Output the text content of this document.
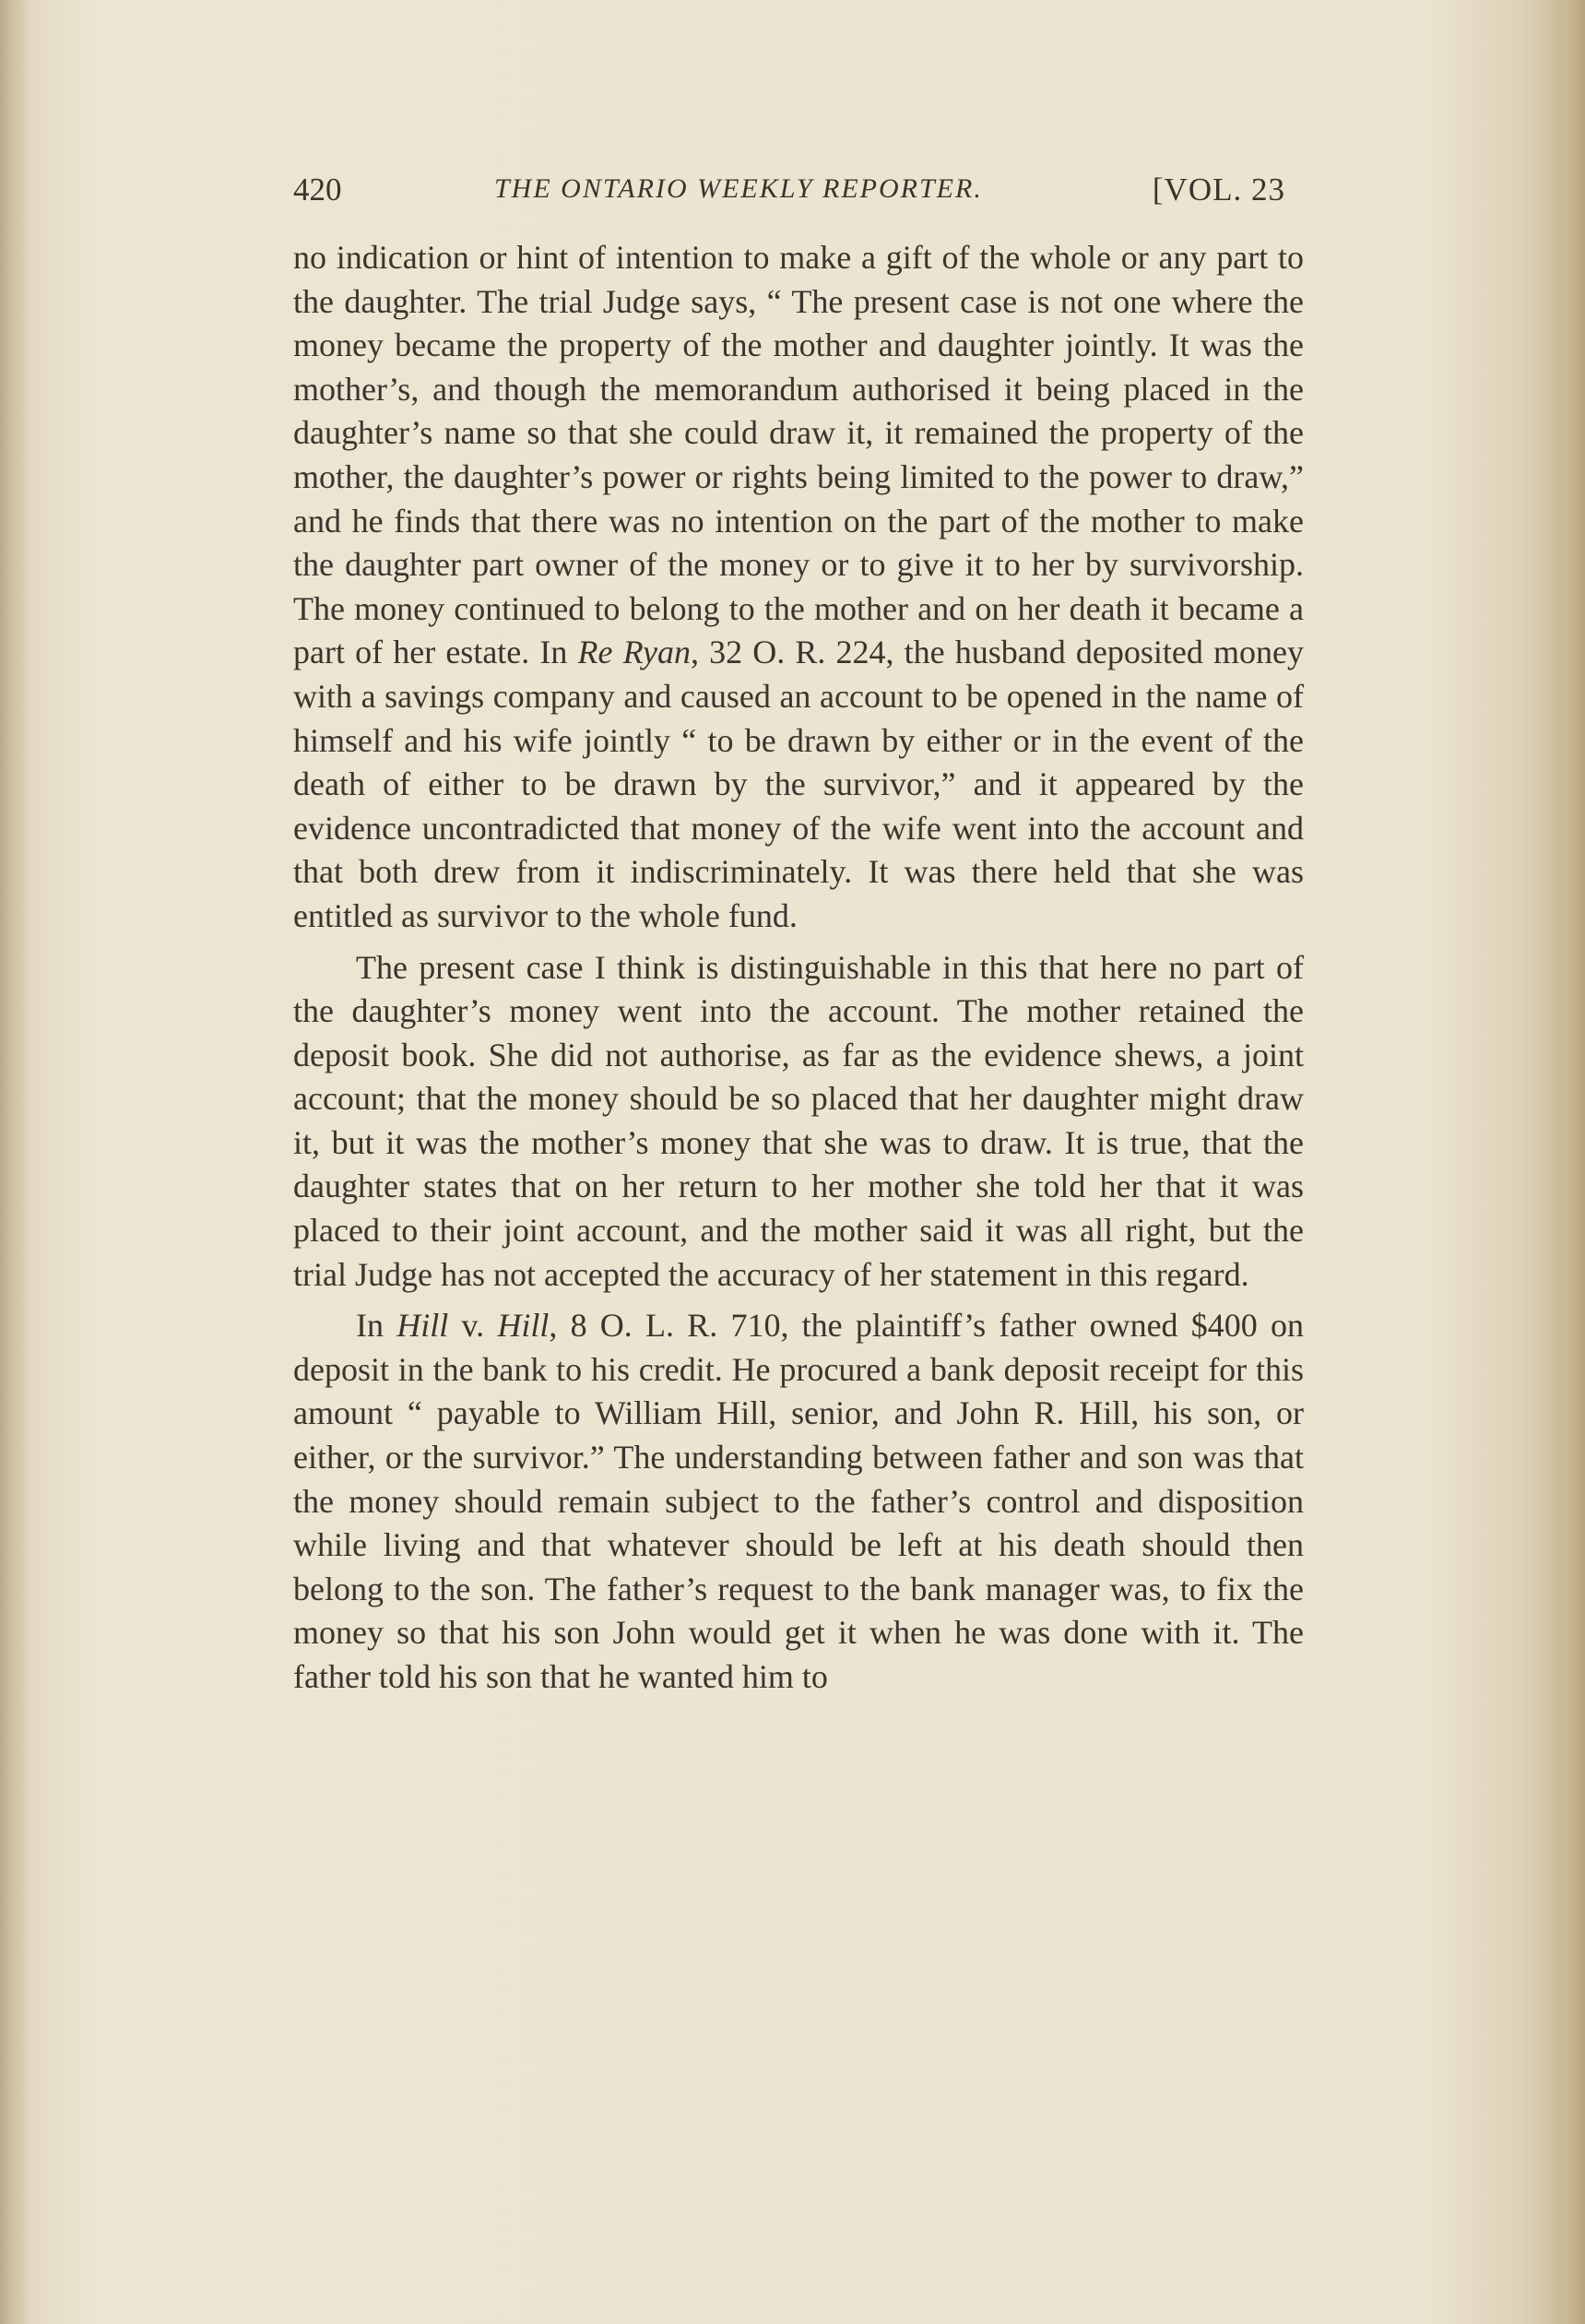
420	THE ONTARIO WEEKLY REPORTER.	[VOL. 23

no indication or hint of intention to make a gift of the whole or any part to the daughter. The trial Judge says, “ The present case is not one where the money became the property of the mother and daughter jointly. It was the mother’s, and though the memorandum authorised it being placed in the daughter’s name so that she could draw it, it remained the property of the mother, the daughter’s power or rights being limited to the power to draw,” and he finds that there was no intention on the part of the mother to make the daughter part owner of the money or to give it to her by survivorship. The money continued to belong to the mother and on her death it became a part of her estate. In Re Ryan, 32 O. R. 224, the husband deposited money with a savings company and caused an account to be opened in the name of himself and his wife jointly “ to be drawn by either or in the event of the death of either to be drawn by the survivor,” and it appeared by the evidence uncontradicted that money of the wife went into the account and that both drew from it indiscriminately. It was there held that she was entitled as survivor to the whole fund.

The present case I think is distinguishable in this that here no part of the daughter’s money went into the account. The mother retained the deposit book. She did not authorise, as far as the evidence shews, a joint account; that the money should be so placed that her daughter might draw it, but it was the mother’s money that she was to draw. It is true, that the daughter states that on her return to her mother she told her that it was placed to their joint account, and the mother said it was all right, but the trial Judge has not accepted the accuracy of her statement in this regard.

In Hill v. Hill, 8 O. L. R. 710, the plaintiff’s father owned $400 on deposit in the bank to his credit. He procured a bank deposit receipt for this amount “ payable to William Hill, senior, and John R. Hill, his son, or either, or the survivor.” The understanding between father and son was that the money should remain subject to the father’s control and disposition while living and that whatever should be left at his death should then belong to the son. The father’s request to the bank manager was, to fix the money so that his son John would get it when he was done with it. The father told his son that he wanted him to
